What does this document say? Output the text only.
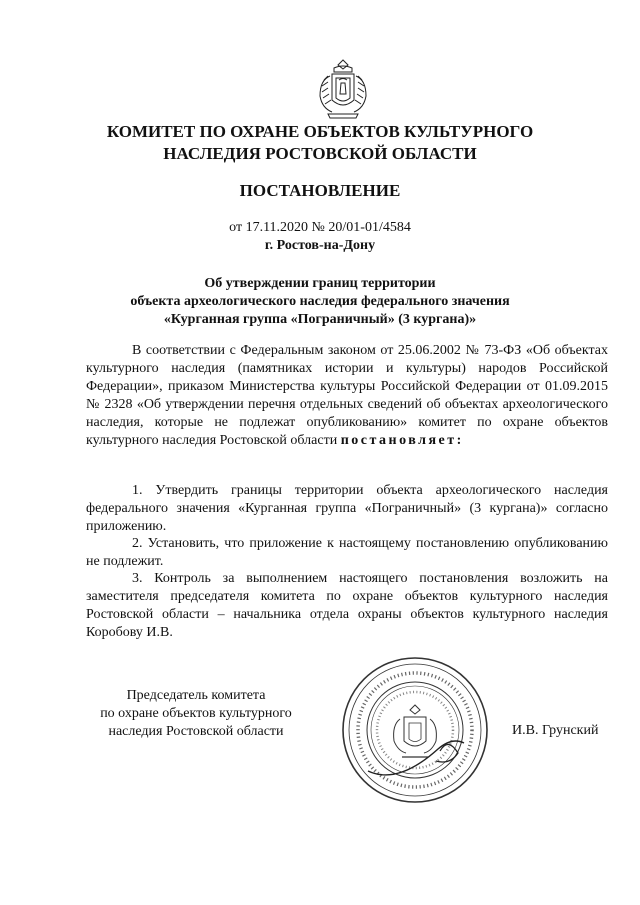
КОМИТЕТ ПО ОХРАНЕ ОБЪЕКТОВ КУЛЬТУРНОГО
НАСЛЕДИЯ РОСТОВСКОЙ ОБЛАСТИ
ПОСТАНОВЛЕНИЕ
от 17.11.2020 № 20/01-01/4584
г. Ростов-на-Дону
Об утверждении границ территории
объекта археологического наследия федерального значения
«Курганная группа «Пограничный» (3 кургана)»
В соответствии с Федеральным законом от 25.06.2002 № 73-ФЗ «Об объектах культурного наследия (памятниках истории и культуры) народов Российской Федерации», приказом Министерства культуры Российской Федерации от 01.09.2015 № 2328 «Об утверждении перечня отдельных сведений об объектах археологического наследия, которые не подлежат опубликованию» комитет по охране объектов культурного наследия Ростовской области постановляет:
1. Утвердить границы территории объекта археологического наследия федерального значения «Курганная группа «Пограничный» (3 кургана)» согласно приложению.
2. Установить, что приложение к настоящему постановлению опубликованию не подлежит.
3. Контроль за выполнением настоящего постановления возложить на заместителя председателя комитета по охране объектов культурного наследия Ростовской области – начальника отдела охраны объектов культурного наследия Коробову И.В.
Председатель комитета
по охране объектов культурного
наследия Ростовской области	И.В. Грунский
